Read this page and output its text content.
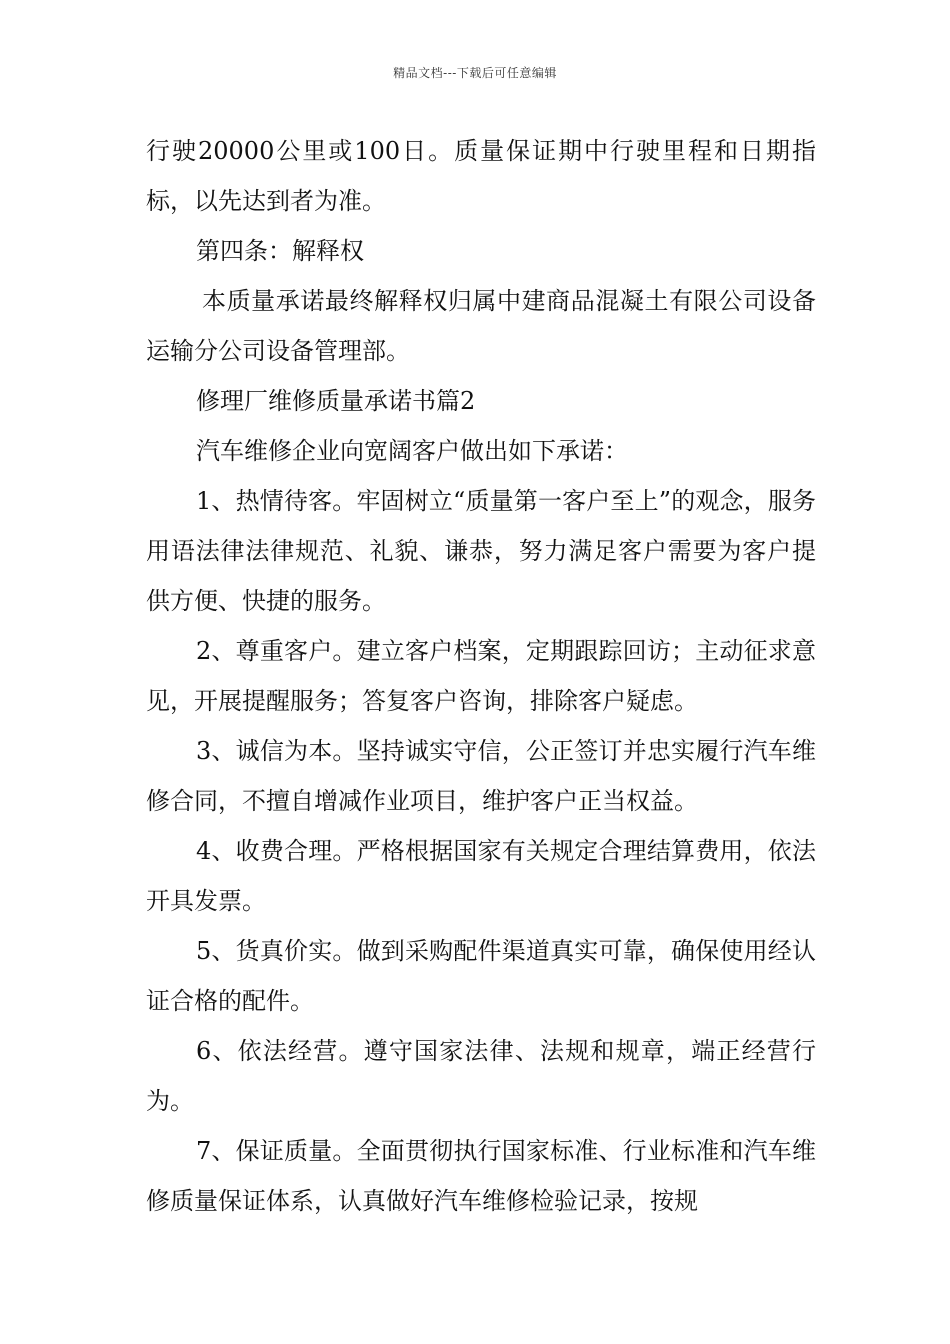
精品文档---下载后可任意编辑

行驶20000公里或100日。质量保证期中行驶里程和日期指标，以先达到者为准。

第四条：解释权

本质量承诺最终解释权归属中建商品混凝土有限公司设备运输分公司设备管理部。

修理厂维修质量承诺书篇2

汽车维修企业向宽阔客户做出如下承诺：

1、热情待客。牢固树立“质量第一客户至上”的观念，服务用语法律法律规范、礼貌、谦恭，努力满足客户需要为客户提供方便、快捷的服务。

2、尊重客户。建立客户档案，定期跟踪回访；主动征求意见，开展提醒服务；答复客户咨询，排除客户疑虑。

3、诚信为本。坚持诚实守信，公正签订并忠实履行汽车维修合同，不擅自增减作业项目，维护客户正当权益。

4、收费合理。严格根据国家有关规定合理结算费用，依法开具发票。

5、货真价实。做到采购配件渠道真实可靠，确保使用经认证合格的配件。

6、依法经营。遵守国家法律、法规和规章，端正经营行为。

7、保证质量。全面贯彻执行国家标准、行业标准和汽车维修质量保证体系，认真做好汽车维修检验记录，按规
